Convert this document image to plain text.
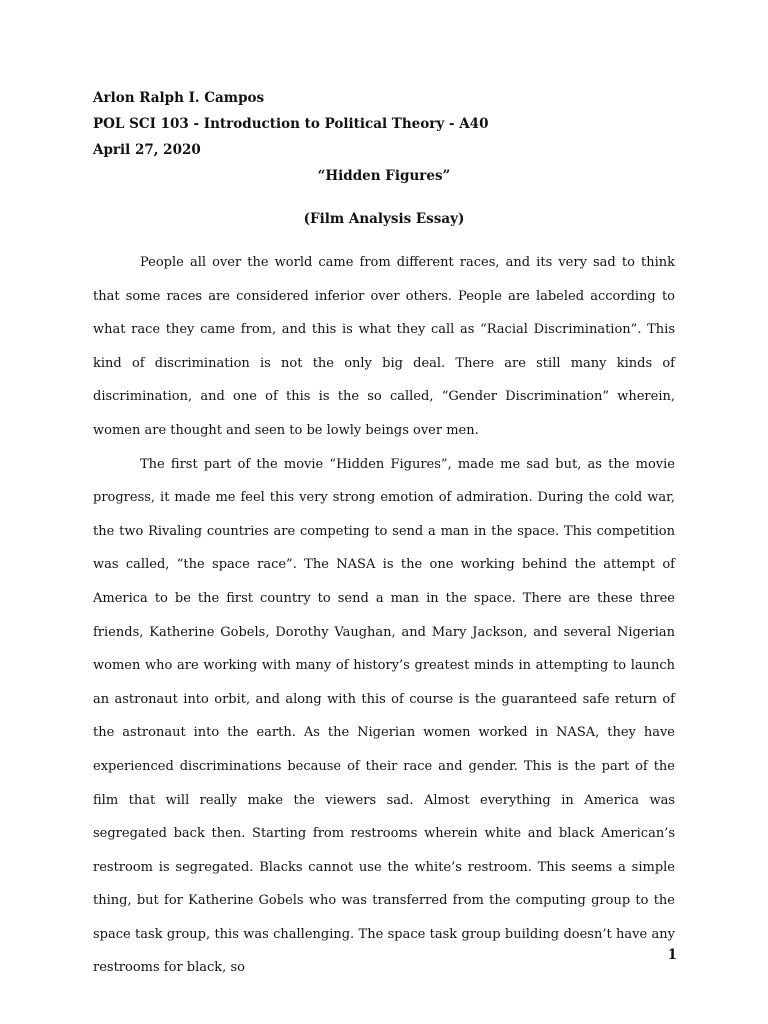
Arlon Ralph I. Campos
POL SCI 103 - Introduction to Political Theory - A40
April 27, 2020
“Hidden Figures”
(Film Analysis Essay)

People all over the world came from different races, and its very sad to think that some races are considered inferior over others. People are labeled according to what race they came from, and this is what they call as “Racial Discrimination”. This kind of discrimination is not the only big deal. There are still many kinds of discrimination, and one of this is the so called, “Gender Discrimination” wherein, women are thought and seen to be lowly beings over men.

The first part of the movie “Hidden Figures”, made me sad but, as the movie progress, it made me feel this very strong emotion of admiration. During the cold war, the two Rivaling countries are competing to send a man in the space. This competition was called, “the space race”. The NASA is the one working behind the attempt of America to be the first country to send a man in the space. There are these three friends, Katherine Gobels, Dorothy Vaughan, and Mary Jackson, and several Nigerian women who are working with many of history’s greatest minds in attempting to launch an astronaut into orbit, and along with this of course is the guaranteed safe return of the astronaut into the earth. As the Nigerian women worked in NASA, they have experienced discriminations because of their race and gender. This is the part of the film that will really make the viewers sad. Almost everything in America was segregated back then. Starting from restrooms wherein white and black American’s restroom is segregated. Blacks cannot use the white’s restroom. This seems a simple thing, but for Katherine Gobels who was transferred from the computing group to the space task group, this was challenging. The space task group building doesn’t have any restrooms for black, so

1
